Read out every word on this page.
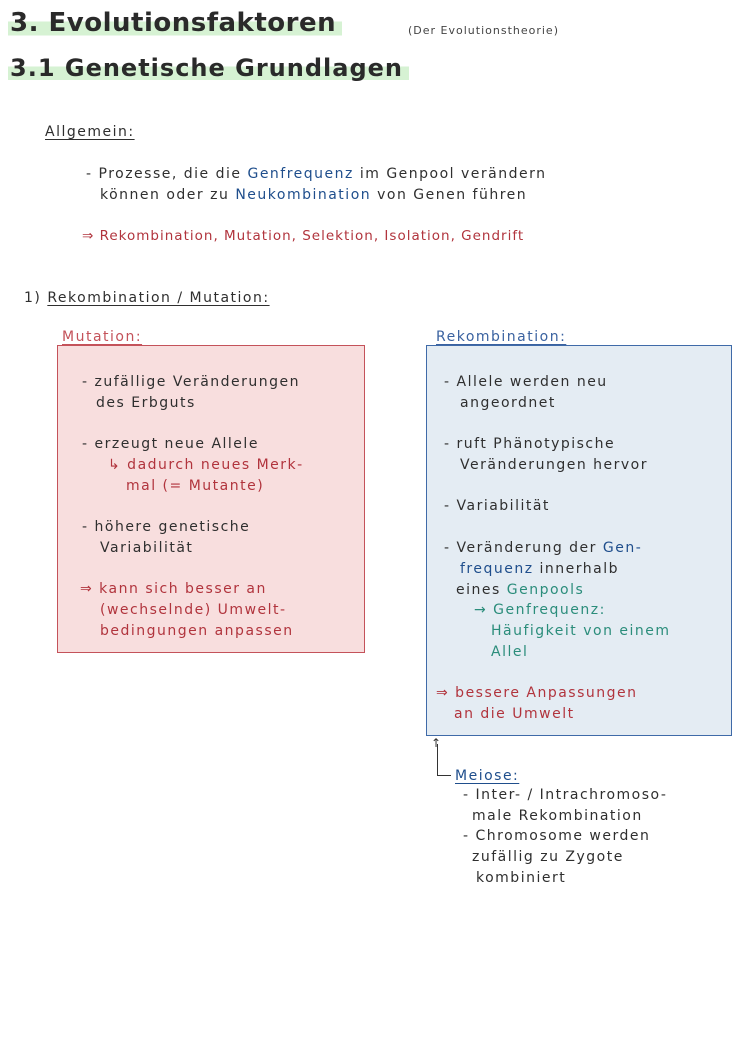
3. Evolutionsfaktoren	(Der Evolutionstheorie)
3.1 Genetische Grundlagen
Allgemein:
- Prozesse, die die Genfrequenz im Genpool verändern
können oder zu Neukombination von Genen führen
⇒ Rekombination, Mutation, Selektion, Isolation, Gendrift
1) Rekombination / Mutation:
Mutation:
- zufällige Veränderungen
des Erbguts
- erzeugt neue Allele
↳ dadurch neues Merk-
mal (= Mutante)
- höhere genetische
Variabilität
⇒ kann sich besser an
(wechselnde) Umwelt-
bedingungen anpassen
Rekombination:
- Allele werden neu
angeordnet
- ruft Phänotypische
Veränderungen hervor
- Variabilität
- Veränderung der Gen-
frequenz innerhalb
eines Genpools
→ Genfrequenz:
Häufigkeit von einem
Allel
⇒ bessere Anpassungen
an die Umwelt
↑
Meiose:
- Inter- / Intrachromoso-
male Rekombination
- Chromosome werden
zufällig zu Zygote
kombiniert
